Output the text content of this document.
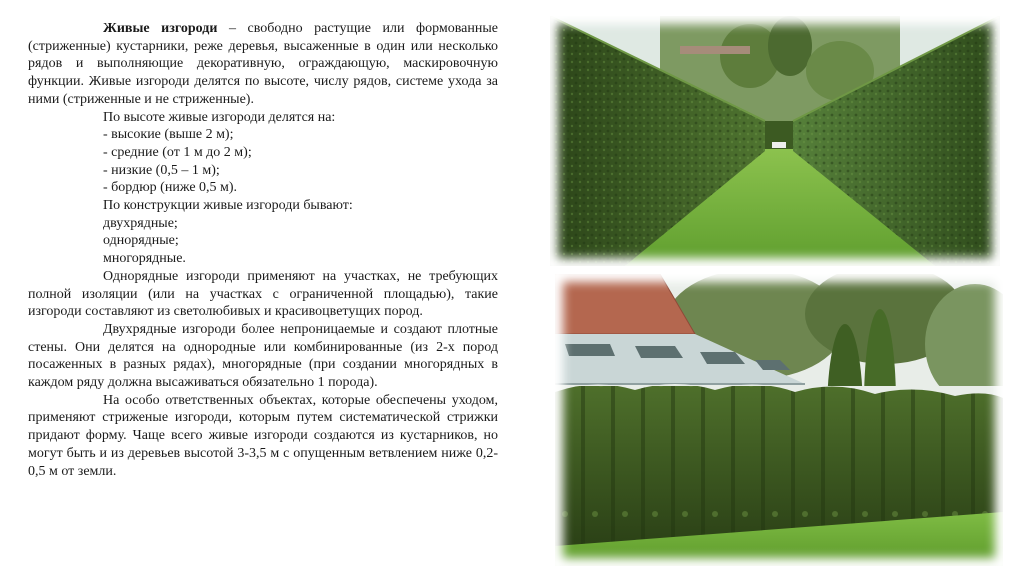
Живые изгороди – свободно растущие или формованные (стриженные) кустарники, реже деревья, высаженные в один или несколько рядов и выполняющие декоративную, ограждающую, маскировочную функции. Живые изгороди делятся по высоте, числу рядов, системе ухода за ними (стриженные и не стриженные).

По высоте живые изгороди делятся на:

- высокие (выше 2 м);

- средние (от 1 м до 2 м);

- низкие (0,5 – 1 м);

- бордюр (ниже 0,5 м).

По конструкции живые изгороди бывают:

двухрядные;

однорядные;

многорядные.

Однорядные изгороди применяют на участках, не требующих полной изоляции (или на участках с ограниченной площадью), такие изгороди составляют из светолюбивых и красивоцветущих пород.

Двухрядные изгороди более непроницаемые и создают плотные стены. Они делятся на однородные или комбинированные (из 2-х пород посаженных в разных рядах), многорядные (при создании многорядных в каждом ряду должна высаживаться обязательно 1 порода).

На особо ответственных объектах, которые обеспечены уходом, применяют стриженые изгороди, которым путем систематической стрижки придают форму. Чаще всего живые изгороди создаются из кустарников, но могут быть и из деревьев высотой 3-3,5 м с опущенным ветвлением ниже 0,2-0,5 м от земли.
